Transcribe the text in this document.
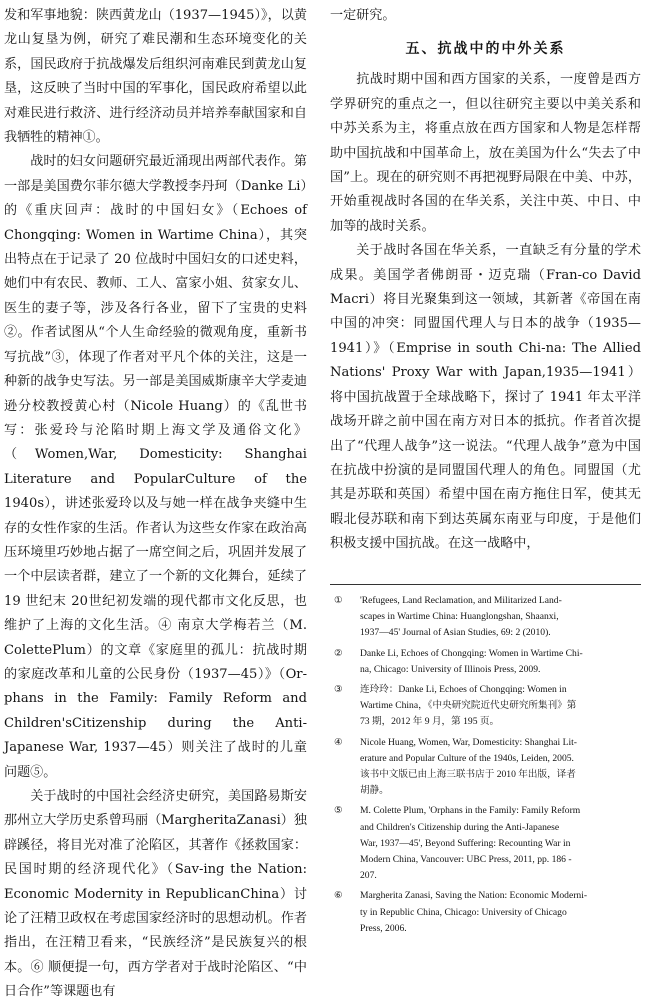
发和军事地貌：陕西黄龙山（1937—1945）》，以黄龙山复垦为例，研究了难民潮和生态环境变化的关系，国民政府于抗战爆发后组织河南难民到黄龙山复垦，这反映了当时中国的军事化，国民政府希望以此对难民进行救济、进行经济动员并培养奉献国家和自我牺牲的精神①。

战时的妇女问题研究最近涌现出两部代表作。第一部是美国费尔菲尔德大学教授李丹珂（Danke Li）的《重庆回声：战时的中国妇女》（Echoes of Chongqing: Women in Wartime China），其突出特点在于记录了 20 位战时中国妇女的口述史料，她们中有农民、教师、工人、富家小姐、贫家女儿、医生的妻子等，涉及各行各业，留下了宝贵的史料②。作者试图从“个人生命经验的微观角度，重新书写抗战”③，体现了作者对平凡个体的关注，这是一种新的战争史写法。另一部是美国威斯康辛大学麦迪逊分校教授黄心村（Nicole Huang）的《乱世书写：张爱玲与沦陷时期上海文学及通俗文化》（Women,War, Domesticity: Shanghai Literature and PopularCulture of the 1940s），讲述张爱玲以及与她一样在战争夹缝中生存的女性作家的生活。作者认为这些女作家在政治高压环境里巧妙地占据了一席空间之后，巩固并发展了一个中层读者群，建立了一个新的文化舞台，延续了 19 世纪末 20世纪初发端的现代都市文化反思，也维护了上海的文化生活。④ 南京大学梅若兰（M. ColettePlum）的文章《家庭里的孤儿：抗战时期的家庭改革和儿童的公民身份（1937—45）》（Or-phans in the Family: Family Reform and Children'sCitizenship during the Anti-Japanese War, 1937—45）则关注了战时的儿童问题⑤。

关于战时的中国社会经济史研究，美国路易斯安那州立大学历史系曾玛丽（MargheritaZanasi）独辟蹊径，将目光对准了沦陷区，其著作《拯救国家：民国时期的经济现代化》（Sav-ing the Nation: Economic Modernity in RepublicanChina）讨论了汪精卫政权在考虑国家经济时的思想动机。作者指出，在汪精卫看来，“民族经济”是民族复兴的根本。⑥ 顺便提一句，西方学者对于战时沦陷区、“中日合作”等课题也有

一定研究。

五、抗战中的中外关系

抗战时期中国和西方国家的关系，一度曾是西方学界研究的重点之一，但以往研究主要以中美关系和中苏关系为主，将重点放在西方国家和人物是怎样帮助中国抗战和中国革命上，放在美国为什么“失去了中国”上。现在的研究则不再把视野局限在中美、中苏，开始重视战时各国的在华关系，关注中英、中日、中加等的战时关系。

关于战时各国在华关系，一直缺乏有分量的学术成果。美国学者佛朗哥・迈克瑞（Fran-co David Macri）将目光聚集到这一领域，其新著《帝国在南中国的冲突：同盟国代理人与日本的战争（1935—1941）》（Emprise in south Chi-na: The Allied Nations' Proxy War with Japan,1935—1941）将中国抗战置于全球战略下，探讨了 1941 年太平洋战场开辟之前中国在南方对日本的抵抗。作者首次提出了“代理人战争”这一说法。“代理人战争”意为中国在抗战中扮演的是同盟国代理人的角色。同盟国（尤其是苏联和英国）希望中国在南方拖住日军，使其无暇北侵苏联和南下到达英属东南亚与印度，于是他们积极支援中国抗战。在这一战略中，

①	'Refugees, Land Reclamation, and Militarized Land-
scapes in Wartime China: Huanglongshan, Shaanxi,
1937—45' Journal of Asian Studies, 69: 2 (2010).
②	Danke Li, Echoes of Chongqing: Women in Wartime Chi-
na, Chicago: University of Illinois Press, 2009.
③	连玲玲：Danke Li, Echoes of Chongqing: Women in
Wartime China，《中央研究院近代史研究所集刊》第
73 期，2012 年 9 月，第 195 页。
④	Nicole Huang, Women, War, Domesticity: Shanghai Lit-
erature and Popular Culture of the 1940s, Leiden, 2005.
该书中文版已由上海三联书店于 2010 年出版，译者
胡静。
⑤	M. Colette Plum, 'Orphans in the Family: Family Reform
and Children's Citizenship during the Anti-Japanese
War, 1937—45', Beyond Suffering: Recounting War in
Modern China, Vancouver: UBC Press, 2011, pp. 186 -
207.
⑥	Margherita Zanasi, Saving the Nation: Economic Moderni-
ty in Republic China, Chicago: University of Chicago
Press, 2006.
